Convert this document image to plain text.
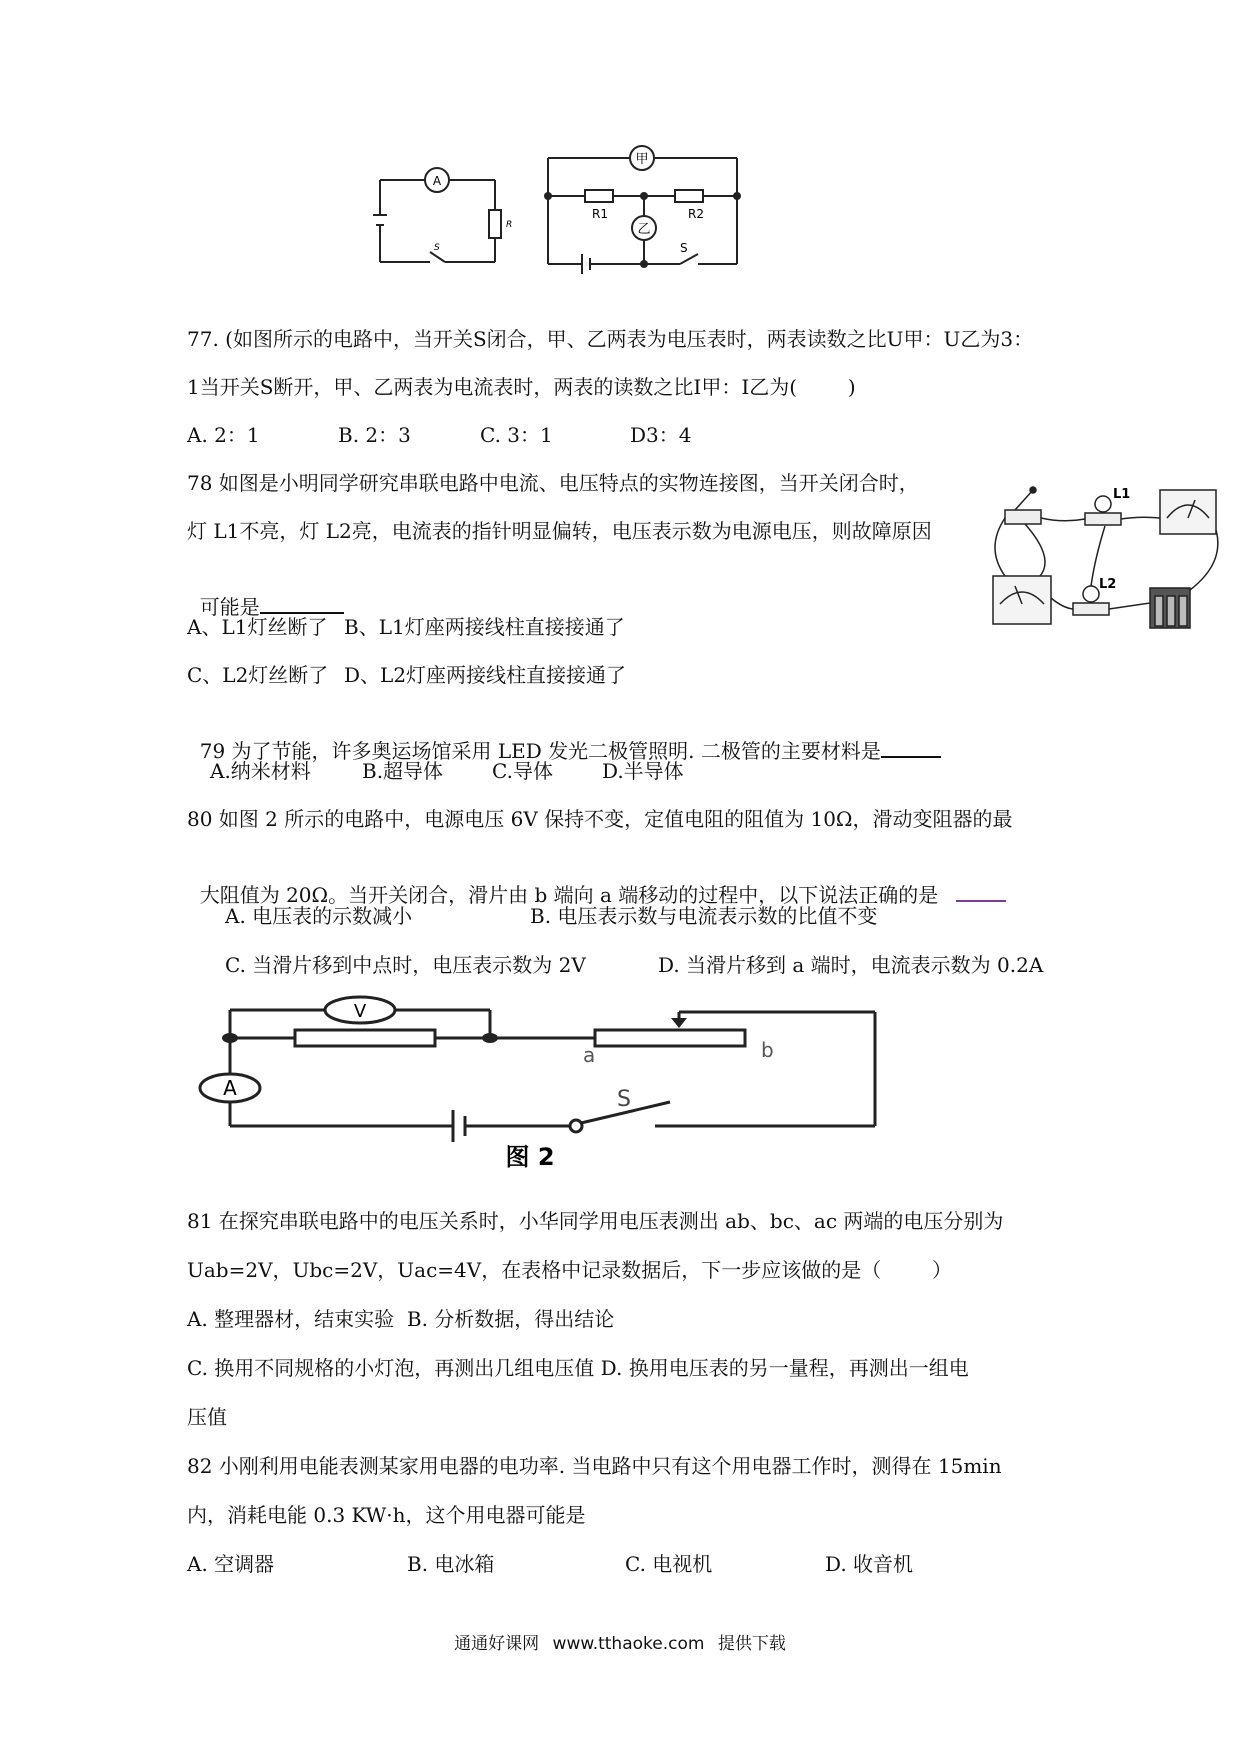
A
R
S
甲
乙
R1	R2
S
77. (如图所示的电路中，当开关S闭合，甲、乙两表为电压表时，两表读数之比U甲：U乙为3：
1当开关S断开，甲、乙两表为电流表时，两表的读数之比I甲：I乙为(        )
A. 2：1	B. 2：3	C. 3：1	D3：4
78 如图是小明同学研究串联电路中电流、电压特点的实物连接图，当开关闭合时，
灯 L1不亮，灯 L2亮，电流表的指针明显偏转，电压表示数为电源电压，则故障原因

可能是

A、L1灯丝断了 B、L1灯座两接线柱直接接通了
C、L2灯丝断了 D、L2灯座两接线柱直接接通了
L1
L2

79 为了节能，许多奥运场馆采用 LED 发光二极管照明. 二极管的主要材料是

A.纳米材料	B.超导体 C.导体 D.半导体
80 如图 2 所示的电路中，电源电压 6V 保持不变，定值电阻的阻值为 10Ω，滑动变阻器的最

大阻值为 20Ω。当开关闭合，滑片由 b 端向 a 端移动的过程中，以下说法正确的是

A. 电压表的示数减小	B. 电压表示数与电流表示数的比值不变
C. 当滑片移到中点时，电压表示数为 2V	D. 当滑片移到 a 端时，电流表示数为 0.2A
V
A
a	b
S
图 2
81 在探究串联电路中的电压关系时，小华同学用电压表测出 ab、bc、ac 两端的电压分别为
Uab=2V，Ubc=2V，Uac=4V，在表格中记录数据后，下一步应该做的是（        ）
A. 整理器材，结束实验  B. 分析数据，得出结论
C. 换用不同规格的小灯泡，再测出几组电压值 D. 换用电压表的另一量程，再测出一组电
压值
82 小刚利用电能表测某家用电器的电功率. 当电路中只有这个用电器工作时，测得在 15min
内，消耗电能 0.3 KW·h，这个用电器可能是
A. 空调器	B. 电冰箱	C. 电视机	D. 收音机
通通好课网 www.tthaoke.com 提供下载
